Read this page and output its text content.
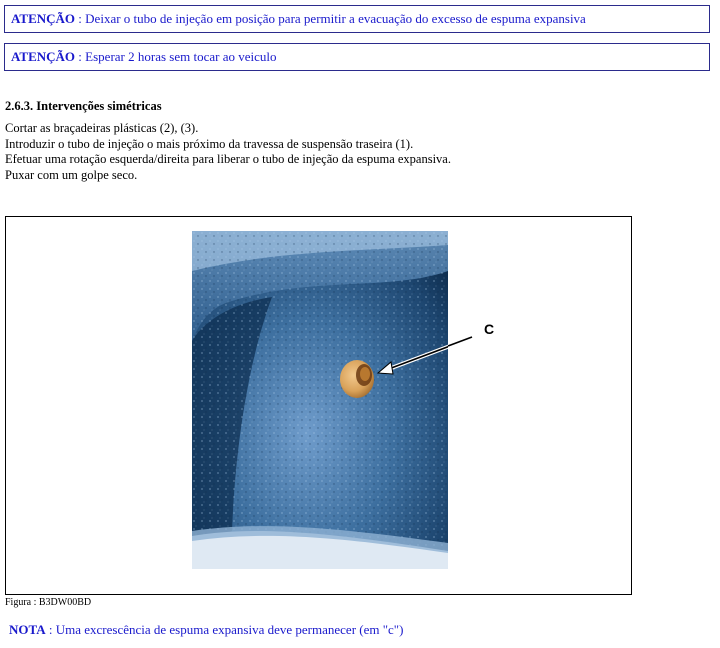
ATENÇÃO : Deixar o tubo de injeção em posição para permitir a evacuação do excesso de espuma expansiva
ATENÇÃO : Esperar 2 horas sem tocar ao veiculo
2.6.3. Intervenções simétricas
Cortar as braçadeiras plásticas (2), (3).
Introduzir o tubo de injeção o mais próximo da travessa de suspensão traseira (1).
Efetuar uma rotação esquerda/direita para liberar o tubo de injeção da espuma expansiva.
Puxar com um golpe seco.
C
Figura : B3DW00BD
NOTA : Uma excrescência de espuma expansiva deve permanecer (em "c")
